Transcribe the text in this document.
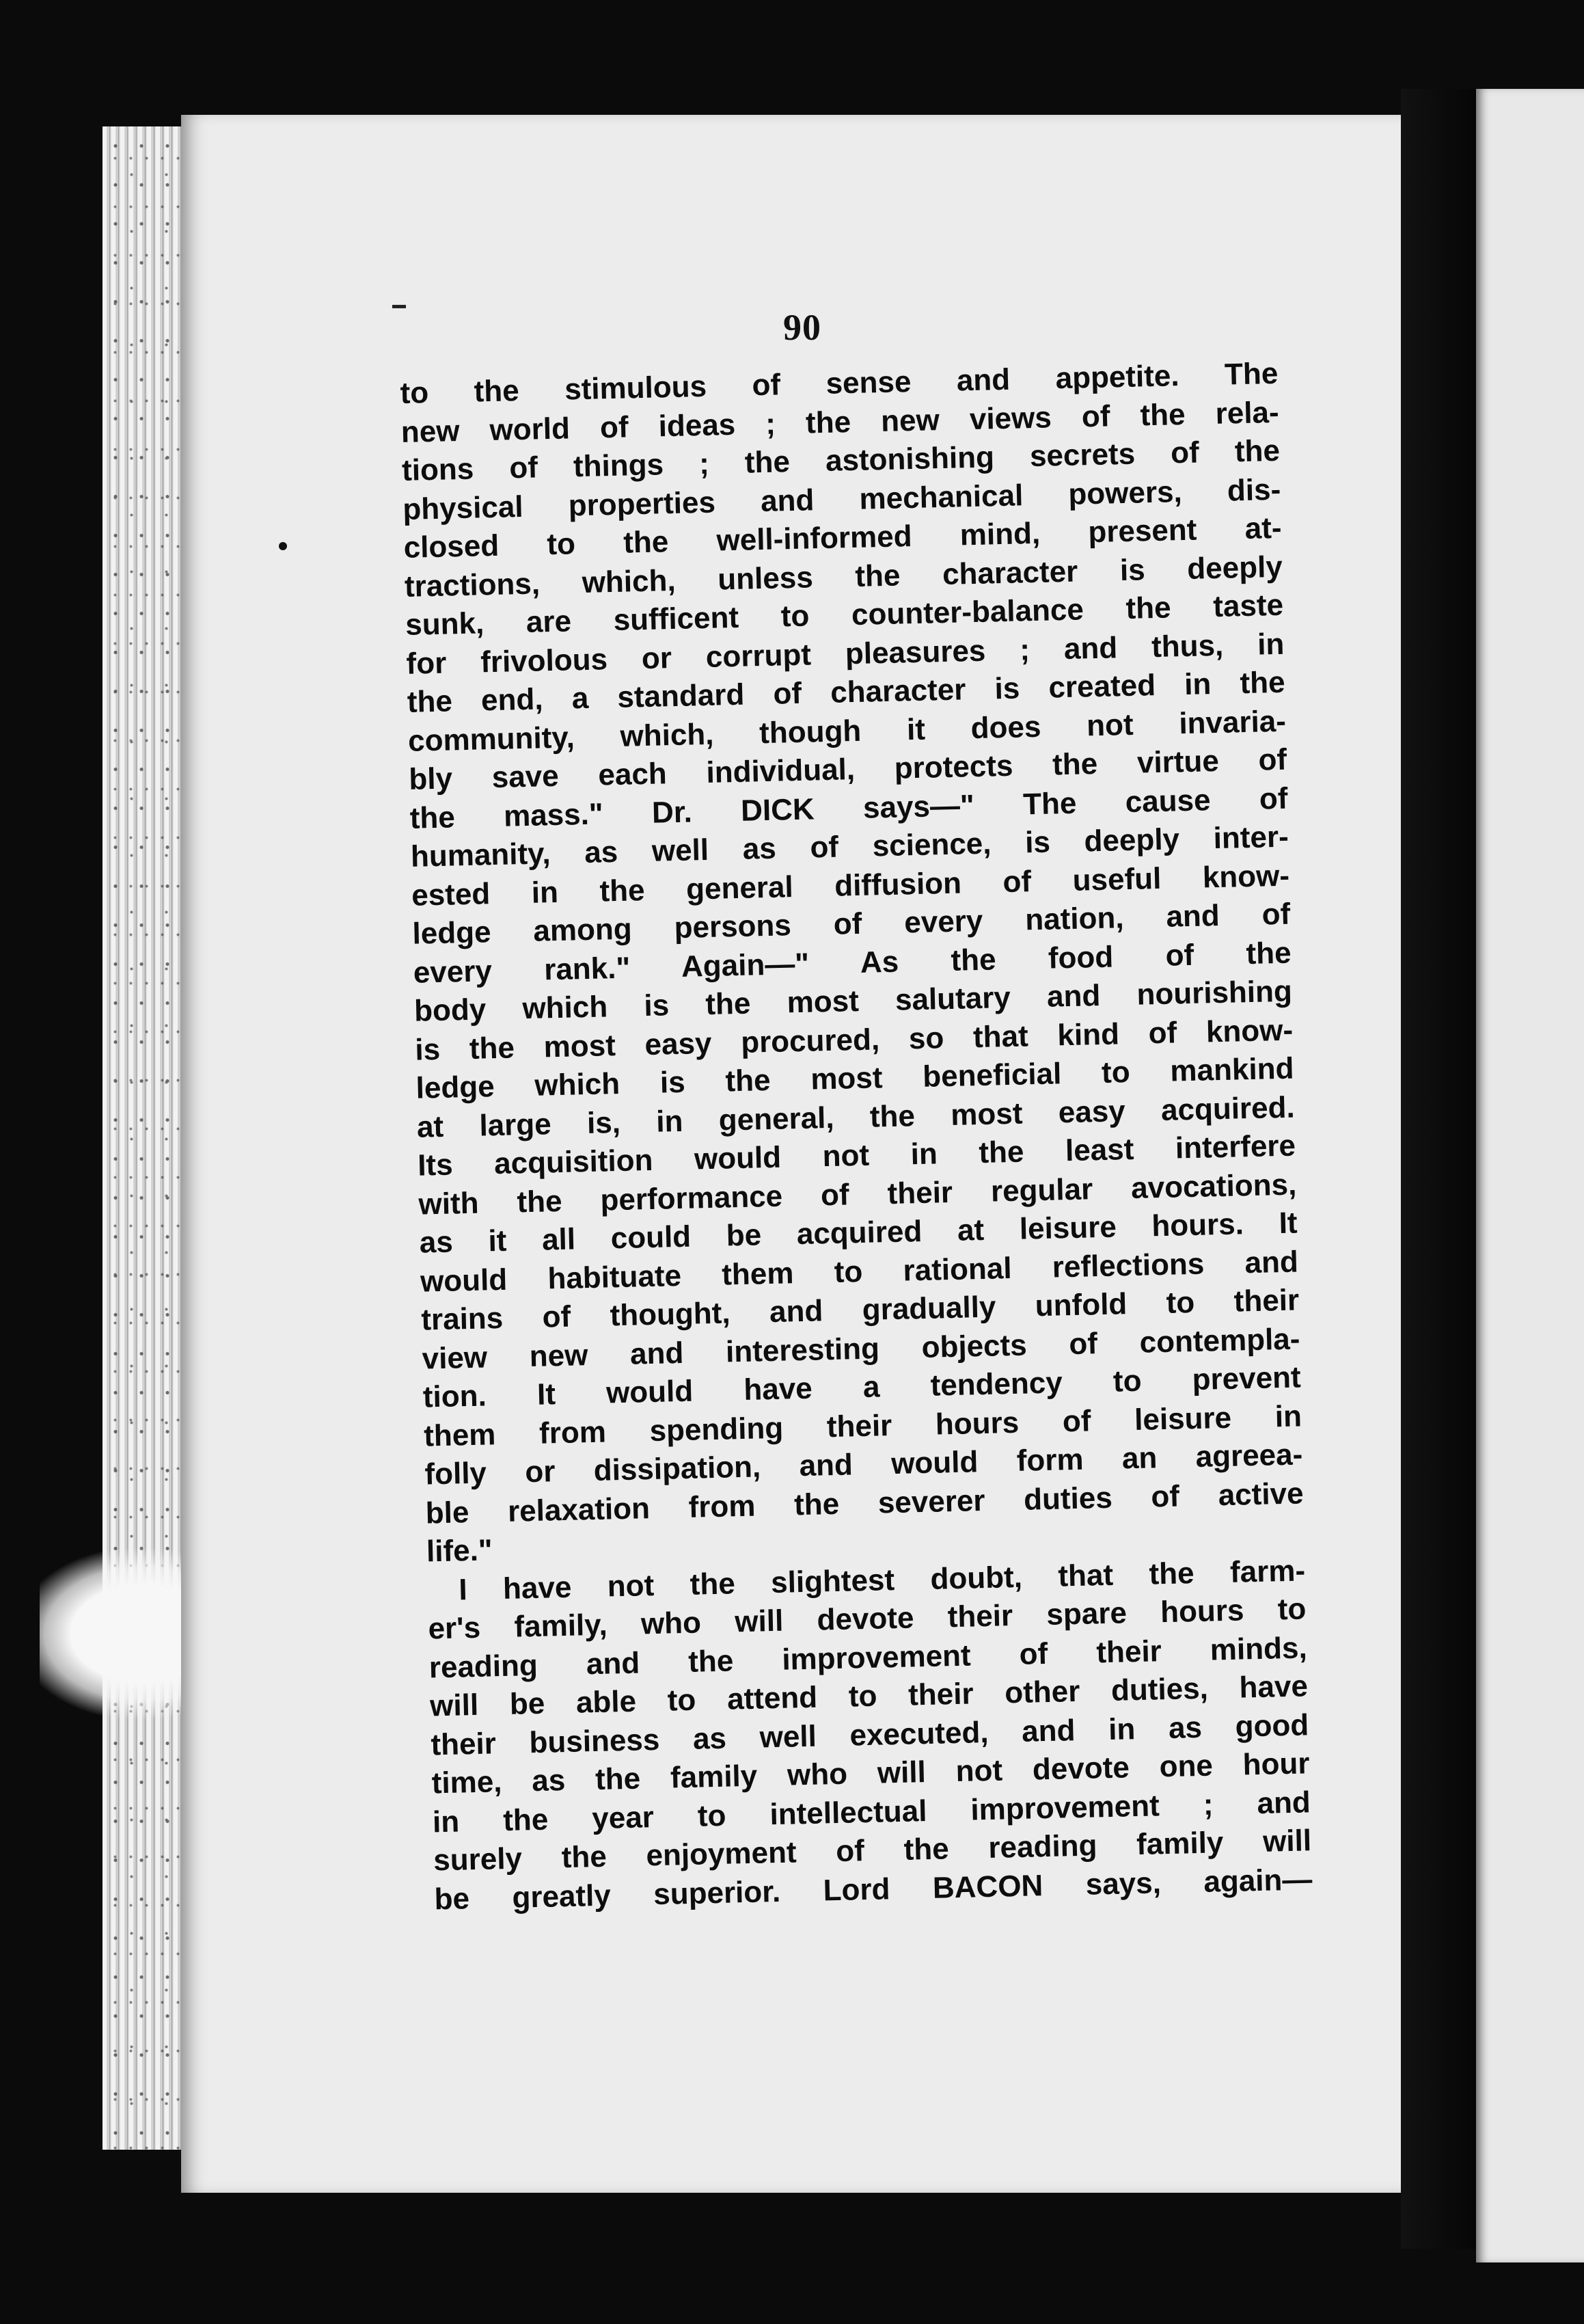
90
to the stimulous of sense and appetite. The
new world of ideas ; the new views of the rela-
tions of things ; the astonishing secrets of the
physical properties and mechanical powers, dis-
closed to the well-informed mind, present at-
tractions, which, unless the character is deeply
sunk, are sufficent to counter-balance the taste
for frivolous or corrupt pleasures ; and thus, in
the end, a standard of character is created in the
community, which, though it does not invaria-
bly save each individual, protects the virtue of
the mass." Dr. DICK says—" The cause of
humanity, as well as of science, is deeply inter-
ested in the general diffusion of useful know-
ledge among persons of every nation, and of
every rank." Again—" As the food of the
body which is the most salutary and nourishing
is the most easy procured, so that kind of know-
ledge which is the most beneficial to mankind
at large is, in general, the most easy acquired.
Its acquisition would not in the least interfere
with the performance of their regular avocations,
as it all could be acquired at leisure hours. It
would habituate them to rational reflections and
trains of thought, and gradually unfold to their
view new and interesting objects of contempla-
tion. It would have a tendency to prevent
them from spending their hours of leisure in
folly or dissipation, and would form an agreea-
ble relaxation from the severer duties of active
life."
I have not the slightest doubt, that the farm-
er's family, who will devote their spare hours to
reading and the improvement of their minds,
will be able to attend to their other duties, have
their business as well executed, and in as good
time, as the family who will not devote one hour
in the year to intellectual improvement ; and
surely the enjoyment of the reading family will
be greatly superior. Lord BACON says, again—
